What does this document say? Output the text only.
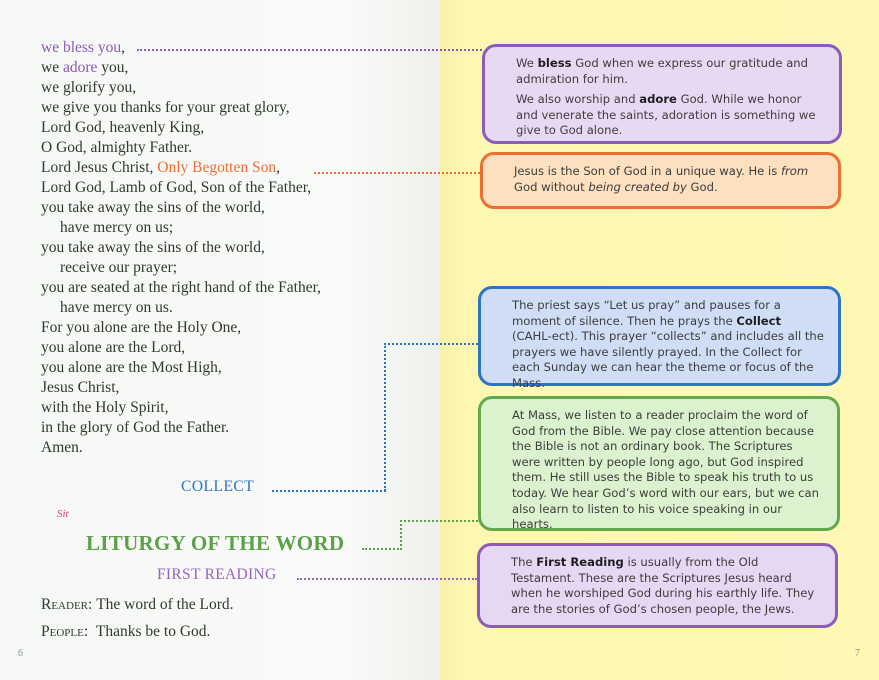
we bless you,
we adore you,
we glorify you,
we give you thanks for your great glory,
Lord God, heavenly King,
O God, almighty Father.
Lord Jesus Christ, Only Begotten Son,
Lord God, Lamb of God, Son of the Father,
you take away the sins of the world,
have mercy on us;
you take away the sins of the world,
receive our prayer;
you are seated at the right hand of the Father,
have mercy on us.
For you alone are the Holy One,
you alone are the Lord,
you alone are the Most High,
Jesus Christ,
with the Holy Spirit,
in the glory of God the Father.
Amen.
COLLECT
Sit
LITURGY OF THE WORD
FIRST READING
Reader: The word of the Lord.
People: Thanks be to God.
6	7

We bless God when we express our gratitude and admiration for him.

We also worship and adore God. While we honor and venerate the saints, adoration is something we give to God alone.

Jesus is the Son of God in a unique way. He is from God without being created by God.

The priest says “Let us pray” and pauses for a moment of silence. Then he prays the Collect (CAHL-ect). This prayer “collects” and includes all the prayers we have silently prayed. In the Collect for each Sunday we can hear the theme or focus of the Mass.

At Mass, we listen to a reader proclaim the word of God from the Bible. We pay close attention because the Bible is not an ordinary book. The Scriptures were written by people long ago, but God inspired them. He still uses the Bible to speak his truth to us today. We hear God’s word with our ears, but we can also learn to listen to his voice speaking in our hearts.

The First Reading is usually from the Old Testament. These are the Scriptures Jesus heard when he worshiped God during his earthly life. They are the stories of God’s chosen people, the Jews.
